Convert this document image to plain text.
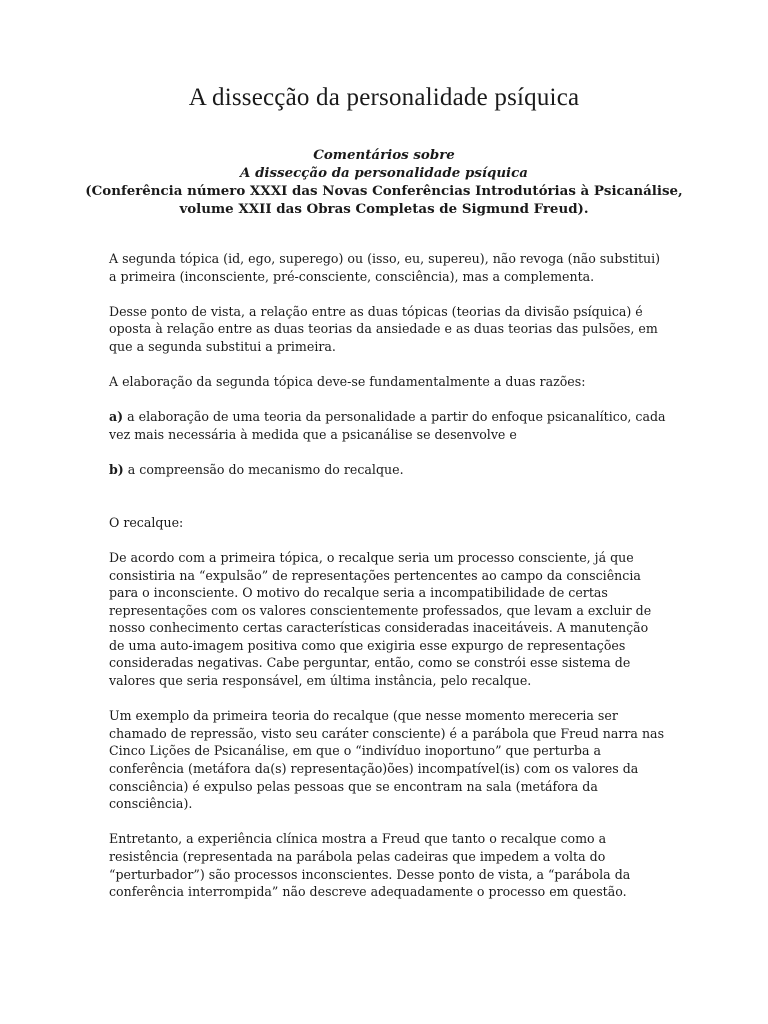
A dissecção da personalidade psíquica
Comentários sobre
A dissecção da personalidade psíquica
(Conferência número XXXI das Novas Conferências Introdutórias à Psicanálise,
volume XXII das Obras Completas de Sigmund Freud).

A segunda tópica (id, ego, superego) ou (isso, eu, supereu), não revoga (não substitui)
a primeira (inconsciente, pré-consciente, consciência), mas a complementa.

Desse ponto de vista, a relação entre as duas tópicas (teorias da divisão psíquica) é
oposta à relação entre as duas teorias da ansiedade e as duas teorias das pulsões, em
que a segunda substitui a primeira.

A elaboração da segunda tópica deve-se fundamentalmente a duas razões:

a) a elaboração de uma teoria da personalidade a partir do enfoque psicanalítico, cada
vez mais necessária à medida que a psicanálise se desenvolve e

b) a compreensão do mecanismo do recalque.

O recalque:

De acordo com a primeira tópica, o recalque seria um processo consciente, já que
consistiria na “expulsão” de representações pertencentes ao campo da consciência
para o inconsciente. O motivo do recalque seria a incompatibilidade de certas
representações com os valores conscientemente professados, que levam a excluir de
nosso conhecimento certas características consideradas inaceitáveis. A manutenção
de uma auto-imagem positiva como que exigiria esse expurgo de representações
consideradas negativas. Cabe perguntar, então, como se constrói esse sistema de
valores que seria responsável, em última instância, pelo recalque.

Um exemplo da primeira teoria do recalque (que nesse momento mereceria ser
chamado de repressão, visto seu caráter consciente) é a parábola que Freud narra nas
Cinco Lições de Psicanálise, em que o “indivíduo inoportuno” que perturba a
conferência (metáfora da(s) representação)ões) incompatível(is) com os valores da
consciência) é expulso pelas pessoas que se encontram na sala (metáfora da
consciência).

Entretanto, a experiência clínica mostra a Freud que tanto o recalque como a
resistência (representada na parábola pelas cadeiras que impedem a volta do
“perturbador”) são processos inconscientes. Desse ponto de vista, a “parábola da
conferência interrompida” não descreve adequadamente o processo em questão.
